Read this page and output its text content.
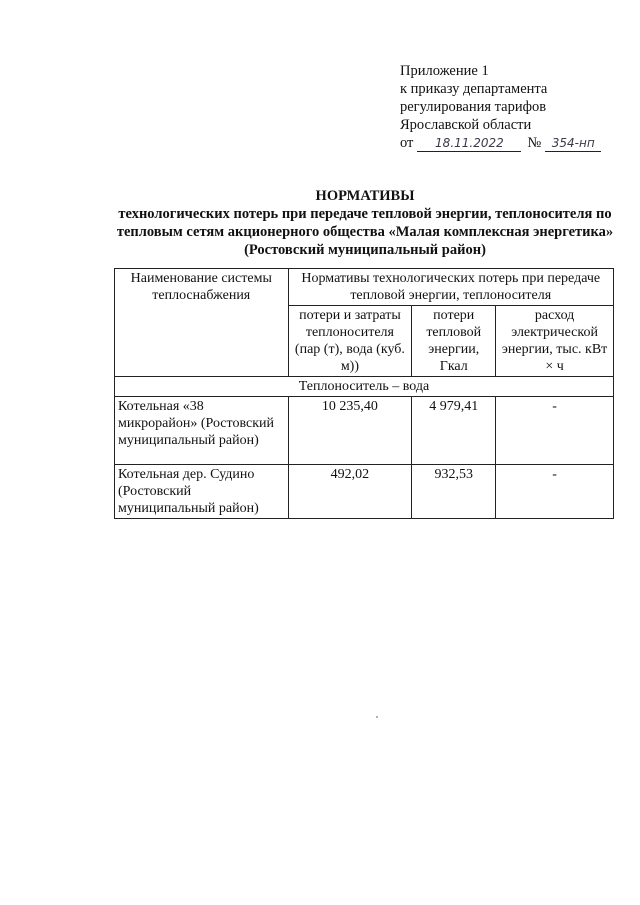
Приложение 1
к приказу департамента
регулирования тарифов
Ярославской области
от	18.11.2022	№ 354-нп
НОРМАТИВЫ
технологических потерь при передаче тепловой энергии, теплоносителя по тепловым сетям акционерного общества «Малая комплексная энергетика» (Ростовский муниципальный район)
Наименование системы теплоснабжения	Нормативы технологических потерь при передаче тепловой энергии, теплоносителя		
	потери и затраты теплоносителя (пар (т), вода (куб. м))	потери тепловой энергии, Гкал	расход электрической энергии, тыс. кВт × ч
Теплоноситель – вода			
Котельная «38 микрорайон» (Ростовский муниципальный район)	10 235,40	4 979,41	-
Котельная дер. Судино (Ростовский муниципальный район)	492,02	932,53	-
